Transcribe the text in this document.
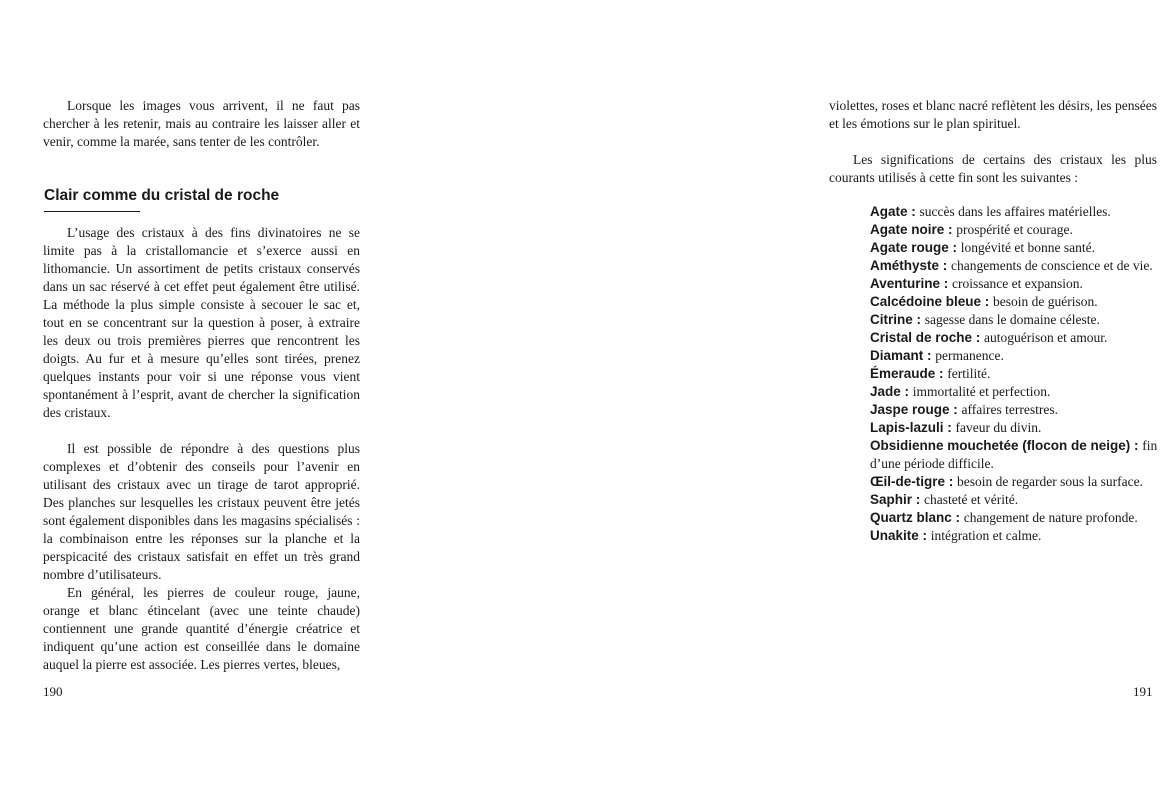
Lorsque les images vous arrivent, il ne faut pas chercher à les retenir, mais au contraire les laisser aller et venir, comme la marée, sans tenter de les contrôler.

Clair comme du cristal de roche

L’usage des cristaux à des fins divinatoires ne se limite pas à la cristallomancie et s’exerce aussi en lithomancie. Un assortiment de petits cristaux conservés dans un sac réservé à cet effet peut également être utilisé. La méthode la plus simple consiste à secouer le sac et, tout en se concentrant sur la question à poser, à extraire les deux ou trois premières pierres que rencontrent les doigts. Au fur et à mesure qu’elles sont tirées, prenez quelques instants pour voir si une réponse vous vient spontanément à l’esprit, avant de chercher la signification des cristaux.

Il est possible de répondre à des questions plus complexes et d’obtenir des conseils pour l’avenir en utilisant des cristaux avec un tirage de tarot approprié. Des planches sur lesquelles les cristaux peuvent être jetés sont également disponibles dans les magasins spécialisés : la combinaison entre les réponses sur la planche et la perspicacité des cristaux satisfait en effet un très grand nombre d’utilisateurs.

En général, les pierres de couleur rouge, jaune, orange et blanc étincelant (avec une teinte chaude) contiennent une grande quantité d’énergie créatrice et indiquent qu’une action est conseillée dans le domaine auquel la pierre est associée. Les pierres vertes, bleues,

190

violettes, roses et blanc nacré reflètent les désirs, les pensées et les émotions sur le plan spirituel.

Les significations de certains des cristaux les plus courants utilisés à cette fin sont les suivantes :

Agate : succès dans les affaires matérielles.
Agate noire : prospérité et courage.
Agate rouge : longévité et bonne santé.
Améthyste : changements de conscience et de vie.
Aventurine : croissance et expansion.
Calcédoine bleue : besoin de guérison.
Citrine : sagesse dans le domaine céleste.
Cristal de roche : autoguérison et amour.
Diamant : permanence.
Émeraude : fertilité.
Jade : immortalité et perfection.
Jaspe rouge : affaires terrestres.
Lapis-lazuli : faveur du divin.
Obsidienne mouchetée (flocon de neige) : fin d’une période difficile.
Œil-de-tigre : besoin de regarder sous la surface.
Saphir : chasteté et vérité.
Quartz blanc : changement de nature profonde.
Unakite : intégration et calme.
191
